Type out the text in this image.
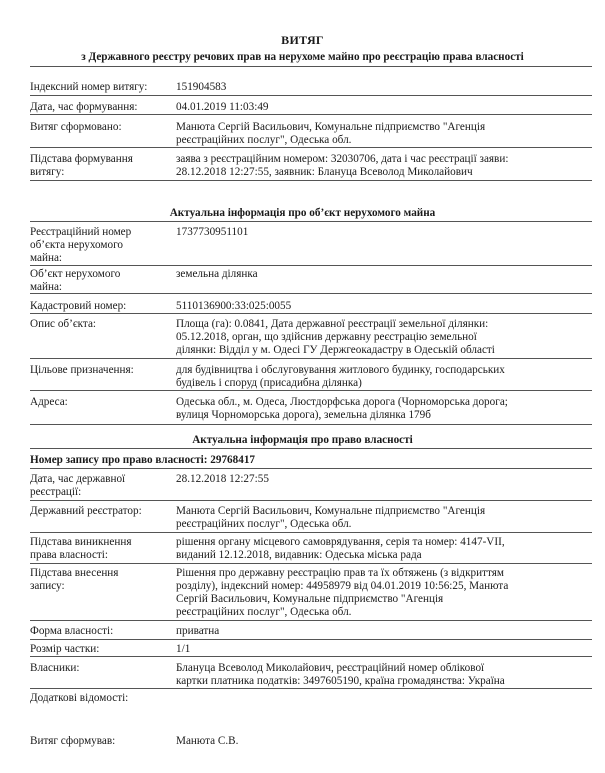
ВИТЯГ
з Державного реєстру речових прав на нерухоме майно про реєстрацію права власності
Індексний номер витягу:	151904583
Дата, час формування:	04.01.2019 11:03:49
Витяг сформовано:	Манюта Сергій Васильович, Комунальне підприємство "Агенція
реєстраційних послуг", Одеська обл.
Підстава формування
витягу:
заява з реєстраційним номером: 32030706, дата і час реєстрації заяви:
28.12.2018 12:27:55, заявник: Блануца Всеволод Миколайович
Актуальна інформація про об’єкт нерухомого майна
Реєстраційний номер
об’єкта нерухомого
майна:
1737730951101
Об’єкт нерухомого
майна:
земельна ділянка
Кадастровий номер:	5110136900:33:025:0055
Опис об’єкта:	Площа (га): 0.0841, Дата державної реєстрації земельної ділянки:
05.12.2018, орган, що здійснив державну реєстрацію земельної
ділянки: Відділ у м. Одесі ГУ Держгеокадастру в Одеській області
Цільове призначення:	для будівництва і обслуговування житлового будинку, господарських
будівель і споруд (присадибна ділянка)
Адреса:	Одеська обл., м. Одеса, Люстдорфська дорога (Чорноморська дорога;
вулиця Чорноморська дорога), земельна ділянка 179б
Актуальна інформація про право власності
Номер запису про право власності: 29768417
Дата, час державної
реєстрації:
28.12.2018 12:27:55
Державний реєстратор:	Манюта Сергій Васильович, Комунальне підприємство "Агенція
реєстраційних послуг", Одеська обл.
Підстава виникнення
права власності:
рішення органу місцевого самоврядування, серія та номер: 4147-VII,
виданий 12.12.2018, видавник: Одеська міська рада
Підстава внесення
запису:
Рішення про державну реєстрацію прав та їх обтяжень (з відкриттям
розділу), індексний номер: 44958979 від 04.01.2019 10:56:25, Манюта
Сергій Васильович, Комунальне підприємство "Агенція
реєстраційних послуг", Одеська обл.
Форма власності:	приватна
Розмір частки:	1/1
Власники:	Блануца Всеволод Миколайович, реєстраційний номер облікової
картки платника податків: 3497605190, країна громадянства: Україна
Додаткові відомості:
Витяг сформував:	Манюта С.В.
